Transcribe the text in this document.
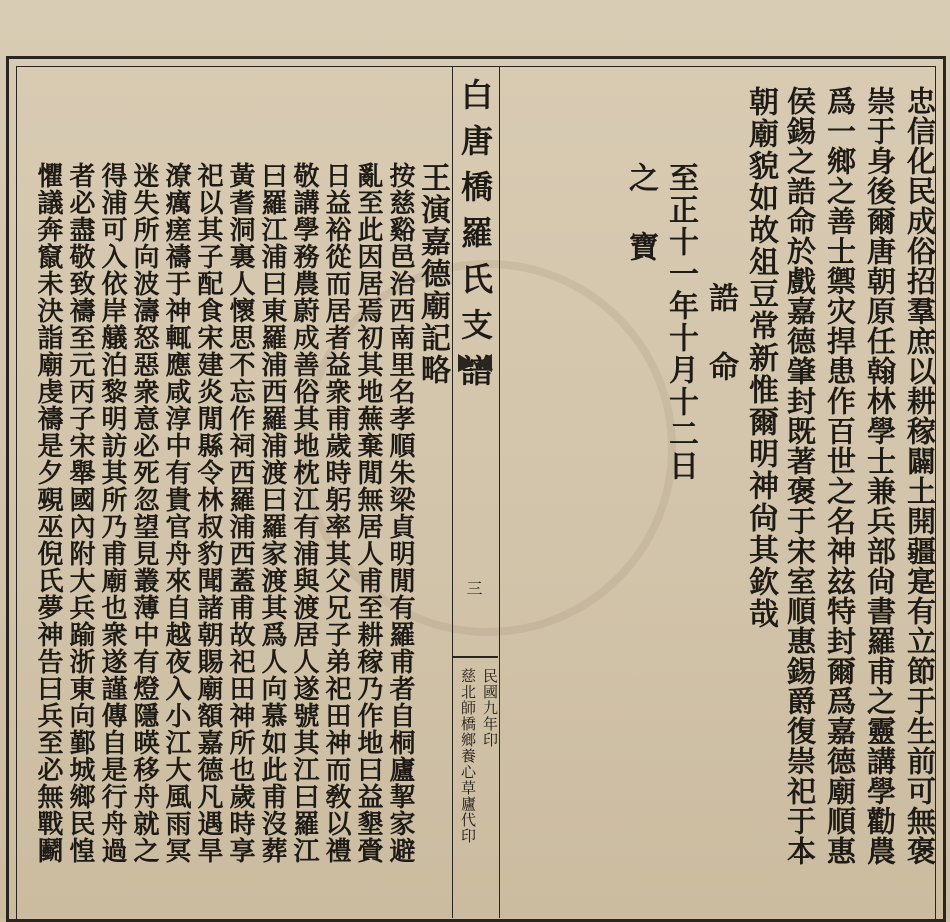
忠信化民成俗招羣庶以耕稼闢土開疆寔有立節于生前可無褒
崇于身後爾唐朝原任翰林學士兼兵部尙書羅甫之靈講學勸農
爲一鄉之善士禦灾捍患作百世之名神玆特封爾爲嘉德廟順惠
侯錫之誥命於戲嘉德肇封既著褒于宋室順惠錫爵復崇祀于本
朝廟貌如故俎豆常新惟爾明神尙其欽哉
誥 命
至正十一年十月十二日
之 寶
白唐橋羅氏支譜
三
民國九年印
慈北師橋鄉養心草廬代印
王演嘉德廟記略
按慈谿邑治西南里名孝順朱梁貞明閒有羅甫者自桐廬挈家避
亂至此因居焉初其地蕪棄閒無居人甫至耕稼乃作地曰益墾賫
日益裕從而居者益衆甫歲時躬率其父兄子弟祀田神而敎以禮
敬講學務農蔚成善俗其地枕江有浦與渡居人遂號其江曰羅江
曰羅江浦曰東羅浦西羅浦渡曰羅家渡其爲人向慕如此甫沒葬
黃耆洞裏人懷思不忘作祠西羅浦西蓋甫故祀田神所也歲時享
祀以其子配食宋建炎閒縣令林叔豹聞諸朝賜廟額嘉德凡遇旱
潦癘瘥禱于神輒應咸淳中有貴官舟來自越夜入小江大風雨冥
迷失所向波濤怒惡衆意必死忽望見叢薄中有燈隱暎移舟就之
得浦可入依岸艤泊黎明訪其所乃甫廟也衆遂謹傳自是行舟過
者必盡敬致禱至元丙子宋舉國內附大兵踰浙東向鄞城鄉民惶
懼議奔竄未決詣廟虔禱是夕覡巫倪氏夢神告曰兵至必無戰鬬
